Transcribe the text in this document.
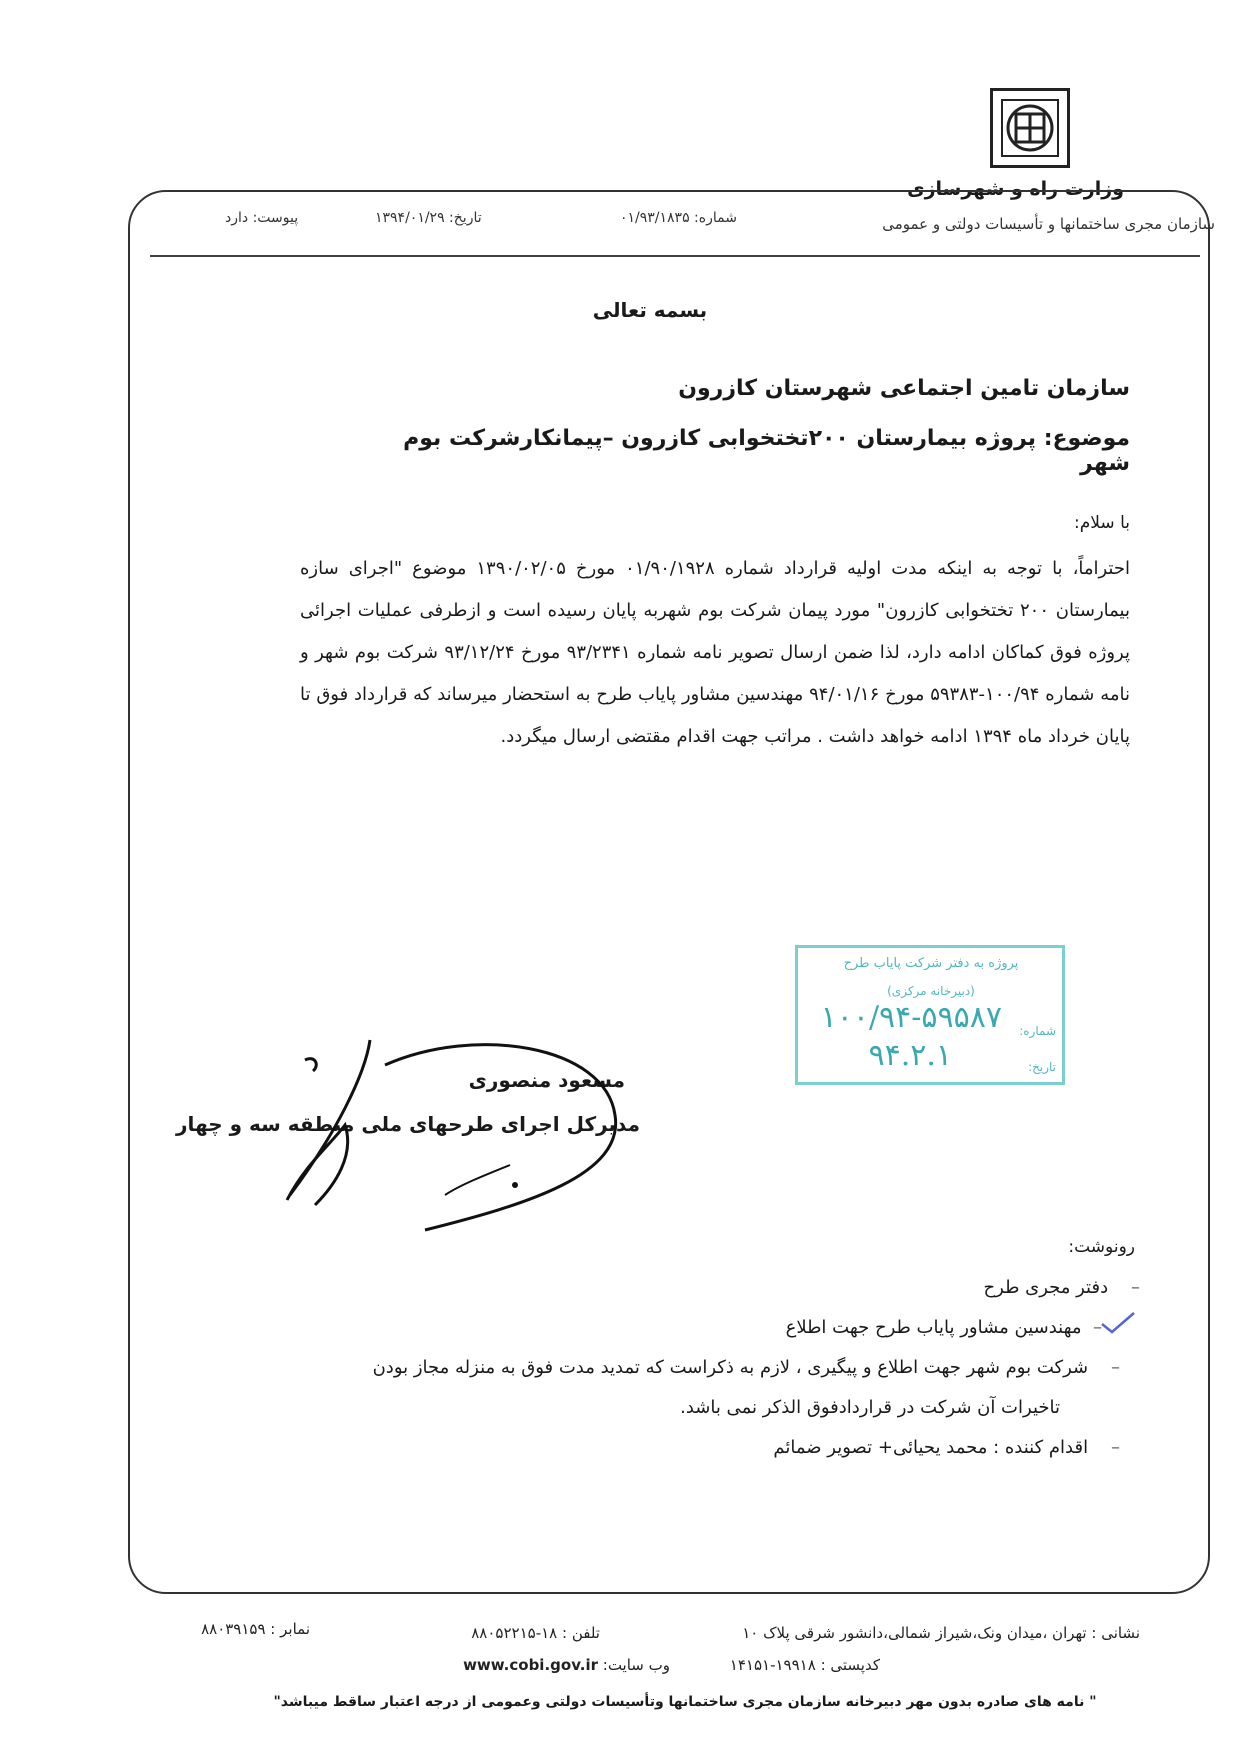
وزارت راه و شهرسازی
سازمان مجری ساختمانها و تأسیسات دولتی و عمومی
شماره: ۰۱/۹۳/۱۸۳۵
تاریخ: ۱۳۹۴/۰۱/۲۹
پیوست: دارد
بسمه تعالی
سازمان تامین اجتماعی شهرستان کازرون
موضوع: پروژه بیمارستان ۲۰۰تختخوابی کازرون –پیمانکارشرکت بوم شهر
با سلام:
احتراماً، با توجه به اینکه مدت اولیه قرارداد شماره ۰۱/۹۰/۱۹۲۸ مورخ ۱۳۹۰/۰۲/۰۵ موضوع "اجرای سازه بیمارستان ۲۰۰ تختخوابی کازرون" مورد پیمان شرکت بوم شهربه پایان رسیده است و ازطرفی عملیات اجرائی پروژه فوق کماکان ادامه دارد، لذا ضمن ارسال تصویر نامه شماره ۹۳/۲۳۴۱ مورخ ۹۳/۱۲/۲۴ شرکت بوم شهر و نامه شماره ۱۰۰/۹۴-۵۹۳۸۳ مورخ ۹۴/۰۱/۱۶ مهندسین مشاور پایاب طرح به استحضار میرساند که قرارداد فوق تا پایان خرداد ماه ۱۳۹۴ ادامه خواهد داشت . مراتب جهت اقدام مقتضی ارسال میگردد.
پروژه به دفتر شرکت پایاب طرح
(دبیرخانه مرکزی)
شماره:
۱۰۰/۹۴-۵۹۵۸۷
تاریخ:
۹۴.۲.۱
مسعود منصوری
مدیرکل اجرای طرحهای ملی منطقه سه و چهار
رونوشت:
–    دفتر مجری طرح
–  مهندسین مشاور پایاب طرح جهت اطلاع
–    شرکت بوم شهر جهت اطلاع و پیگیری ، لازم به ذکراست که تمدید مدت فوق به منزله مجاز بودن
تاخیرات آن شرکت در قراردادفوق الذکر نمی باشد.
–    اقدام کننده : محمد یحیائی+ تصویر ضمائم
نشانی : تهران ،میدان ونک،شیراز شمالی،دانشور شرقی پلاک ۱۰
کدپستی : ۱۹۹۱۸-۱۴۱۵۱
تلفن : ۱۸-۸۸۰۵۲۲۱۵
وب سایت: www.cobi.gov.ir
نمابر : ۸۸۰۳۹۱۵۹
" نامه های صادره بدون مهر دبیرخانه سازمان مجری ساختمانها وتأسیسات دولتی وعمومی از درجه اعتبار ساقط میباشد"
